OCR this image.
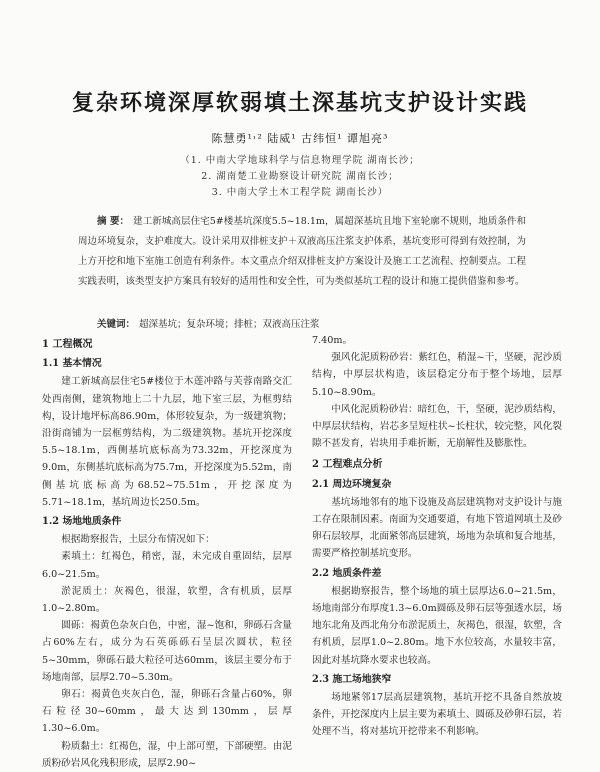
复杂环境深厚软弱填土深基坑支护设计实践
陈慧勇¹˒² 陆威¹ 古纬恒¹ 谭旭亮³
（1. 中南大学地球科学与信息物理学院 湖南长沙；
2. 湖南楚工业勘察设计研究院 湖南长沙；
3. 中南大学土木工程学院 湖南长沙）

摘 要： 建工新城高层住宅5#楼基坑深度5.5~18.1m，属超深基坑且地下室轮廓不规则，地质条件和周边环境复杂，支护难度大。设计采用双排桩支护＋双液高压注浆支护体系，基坑变形可得到有效控制，为上方开挖和地下室施工创造有利条件。本文重点介绍双排桩支护方案设计及施工工艺流程、控制要点。工程实践表明，该类型支护方案具有较好的适用性和安全性，可为类似基坑工程的设计和施工提供借鉴和参考。

关键词： 超深基坑；复杂环境；排桩；双液高压注浆
1 工程概况
1.1 基本情况

建工新城高层住宅5#楼位于木莲冲路与芙蓉南路交汇处西南侧，建筑物地上二十九层，地下室三层，为框剪结构，设计地坪标高86.90m，体形较复杂，为一级建筑物；沿街商铺为一层框剪结构，为二级建筑物。基坑开挖深度5.5~18.1m，西侧基坑底标高为73.32m，开挖深度为9.0m，东侧基坑底标高为75.7m，开挖深度为5.52m，南侧基坑底标高为68.52~75.51m，开挖深度为5.71~18.1m，基坑周边长250.5m。

1.2 场地地质条件

根据勘察报告，土层分布情况如下：

素填土：红褐色，稍密，湿，未完成自重固结，层厚6.0~21.5m。

淤泥质土：灰褐色，很湿，软塑，含有机质，层厚1.0~2.80m。

圆砾：褐黄色杂灰白色，中密，湿~饱和，卵砾石含量占60%左右，成分为石英砾砾石呈层次圆状，粒径5~30mm，卵砾石最大粒径可达60mm，该层主要分布于场地南部，层厚2.70~5.30m。

卵石：褐黄色夹灰白色，湿，卵砾石含量占60%，卵石粒径30~60mm，最大达到130mm，层厚1.30~6.0m。

粉质黏土：红褐色，湿，中上部可塑，下部硬塑。由泥质粉砂岩风化残积形成，层厚2.90~

7.40m。

强风化泥质粉砂岩：紫红色，稍湿~干，坚硬，泥沙质结构，中厚层状构造，该层稳定分布于整个场地，层厚5.10~8.90m。

中风化泥质粉砂岩：暗红色，干，坚硬，泥沙质结构，中厚层状结构，岩芯多呈短柱状~长柱状，较完整，风化裂隙不甚发育，岩块用手难折断，无崩解性及膨胀性。

2 工程难点分析
2.1 周边环境复杂

基坑场地邻有的地下设施及高层建筑物对支护设计与施工存在限制因素。南面为交通要道，有地下管道网填土及砂卵石层较厚，北面紧邻高层建筑，场地为杂填和复合地基，需要严格控制基坑变形。

2.2 地质条件差

根据勘察报告，整个场地的填土层厚达6.0~21.5m，场地南部分布厚度1.3~6.0m圆砾及卵石层等强透水层，场地东北角及西北角分布淤泥质土，灰褐色，很湿，软塑，含有机质，层厚1.0~2.80m。地下水位较高，水量较丰富，因此对基坑降水要求也较高。

2.3 施工场地狭窄

场地紧邻17层高层建筑物，基坑开挖不具备自然放坡条件，开挖深度内上层主要为素填土、圆砾及砂卵石层，若处理不当，将对基坑开挖带来不利影响。
